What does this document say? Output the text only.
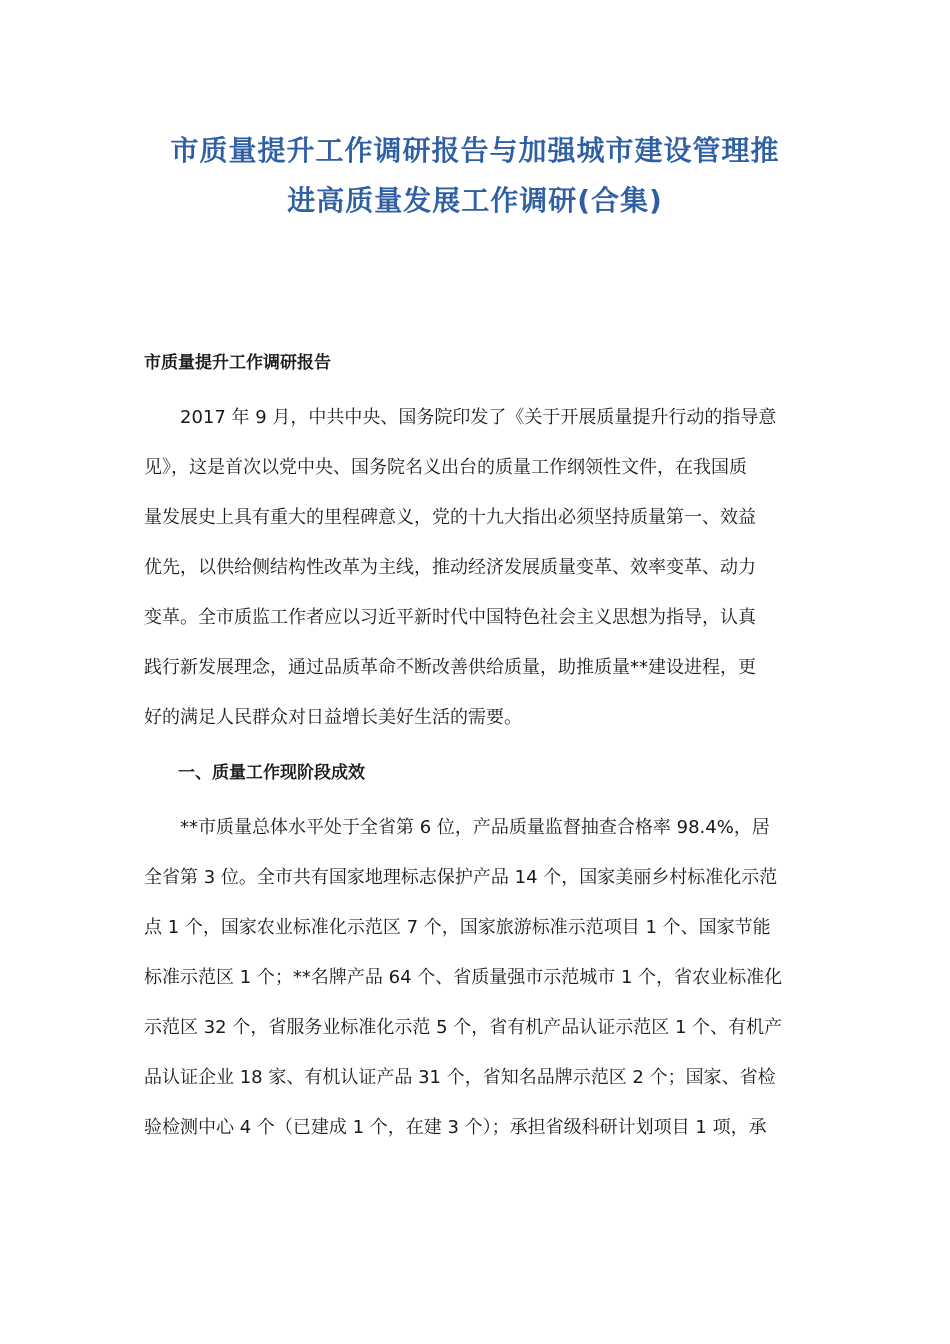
市质量提升工作调研报告与加强城市建设管理推
进高质量发展工作调研(合集)
市质量提升工作调研报告
　　2017 年 9 月，中共中央、国务院印发了《关于开展质量提升行动的指导意
见》，这是首次以党中央、国务院名义出台的质量工作纲领性文件，在我国质
量发展史上具有重大的里程碑意义，党的十九大指出必须坚持质量第一、效益
优先，以供给侧结构性改革为主线，推动经济发展质量变革、效率变革、动力
变革。全市质监工作者应以习近平新时代中国特色社会主义思想为指导，认真
践行新发展理念，通过品质革命不断改善供给质量，助推质量**建设进程，更
好的满足人民群众对日益增长美好生活的需要。
　　一、质量工作现阶段成效
　　**市质量总体水平处于全省第 6 位，产品质量监督抽查合格率 98.4%，居
全省第 3 位。全市共有国家地理标志保护产品 14 个，国家美丽乡村标准化示范
点 1 个，国家农业标准化示范区 7 个，国家旅游标准示范项目 1 个、国家节能
标准示范区 1 个；**名牌产品 64 个、省质量强市示范城市 1 个，省农业标准化
示范区 32 个，省服务业标准化示范 5 个，省有机产品认证示范区 1 个、有机产
品认证企业 18 家、有机认证产品 31 个，省知名品牌示范区 2 个；国家、省检
验检测中心 4 个（已建成 1 个，在建 3 个）；承担省级科研计划项目 1 项，承
